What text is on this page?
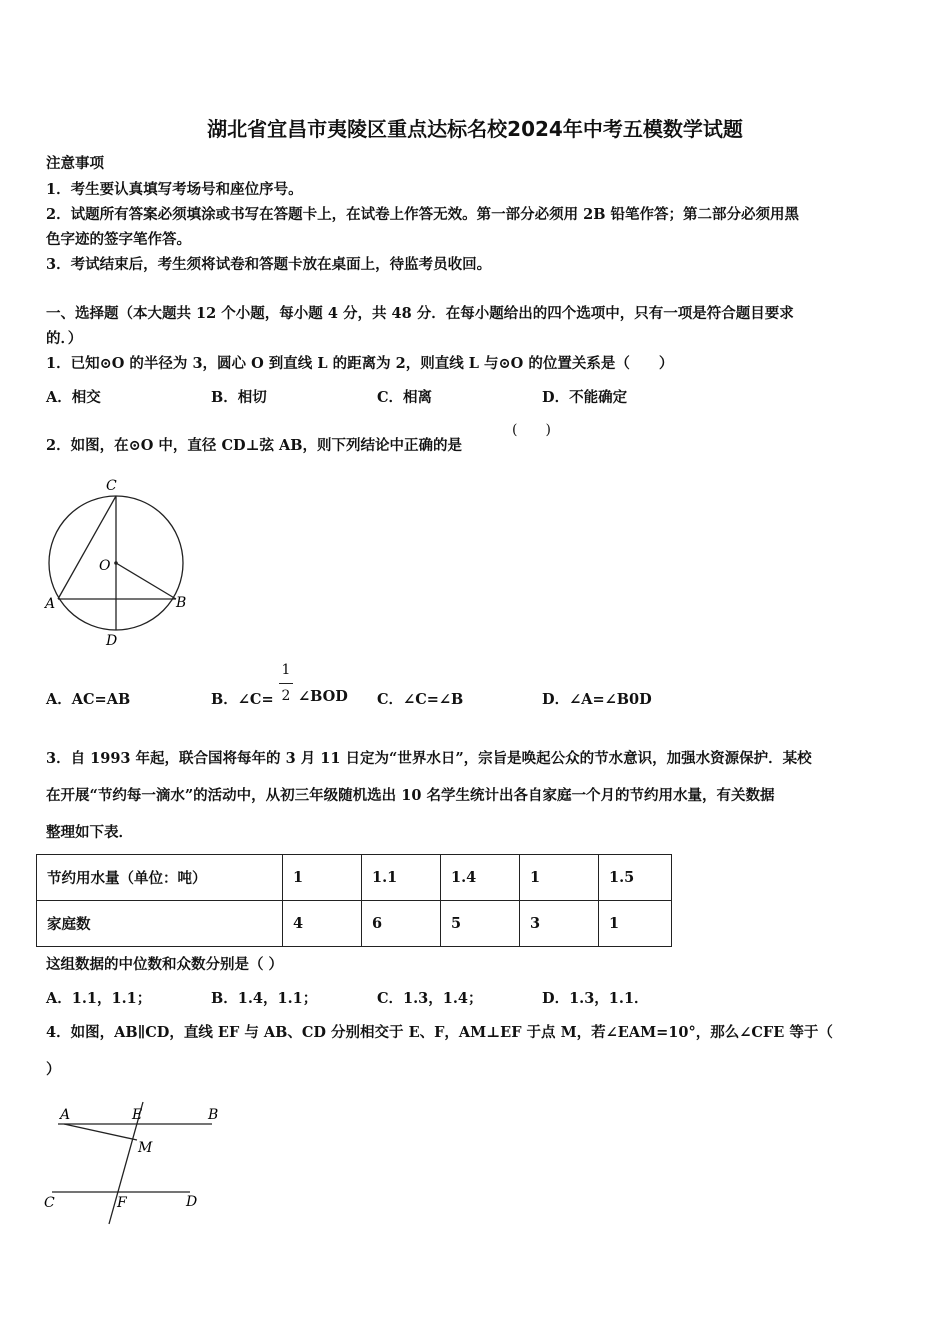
湖北省宜昌市夷陵区重点达标名校2024年中考五模数学试题
注意事项
1．考生要认真填写考场号和座位序号。
2．试题所有答案必须填涂或书写在答题卡上，在试卷上作答无效。第一部分必须用 2B 铅笔作答；第二部分必须用黑
色字迹的签字笔作答。
3．考试结束后，考生须将试卷和答题卡放在桌面上，待监考员收回。
一、选择题（本大题共 12 个小题，每小题 4 分，共 48 分．在每小题给出的四个选项中，只有一项是符合题目要求
的．）
1．已知⊙O 的半径为 3，圆心 O 到直线 L 的距离为 2，则直线 L 与⊙O 的位置关系是（　　）
A．相交	B．相切	C．相离	D．不能确定
2．如图，在⊙O 中，直径 CD⊥弦 AB，则下列结论中正确的是
(　　)
C
O
A	B
D
A．AC=AB	B．∠C=
1
2 ∠BOD C．∠C=∠B	D．∠A=∠B0D
3．自 1993 年起，联合国将每年的 3 月 11 日定为“世界水日”，宗旨是唤起公众的节水意识，加强水资源保护．某校
在开展“节约每一滴水”的活动中，从初三年级随机选出 10 名学生统计出各自家庭一个月的节约用水量，有关数据
整理如下表．
节约用水量（单位：吨）	1	1.1	1.4	1	1.5
家庭数	4	6	5	3	1
这组数据的中位数和众数分别是（ ）
A．1.1，1.1；	B．1.4，1.1；	C．1.3，1.4；	D．1.3，1.1．
4．如图，AB∥CD，直线 EF 与 AB、CD 分别相交于 E、F，AM⊥EF 于点 M，若∠EAM=10°，那么∠CFE 等于（
）
A	E	B
M
C	F	D
